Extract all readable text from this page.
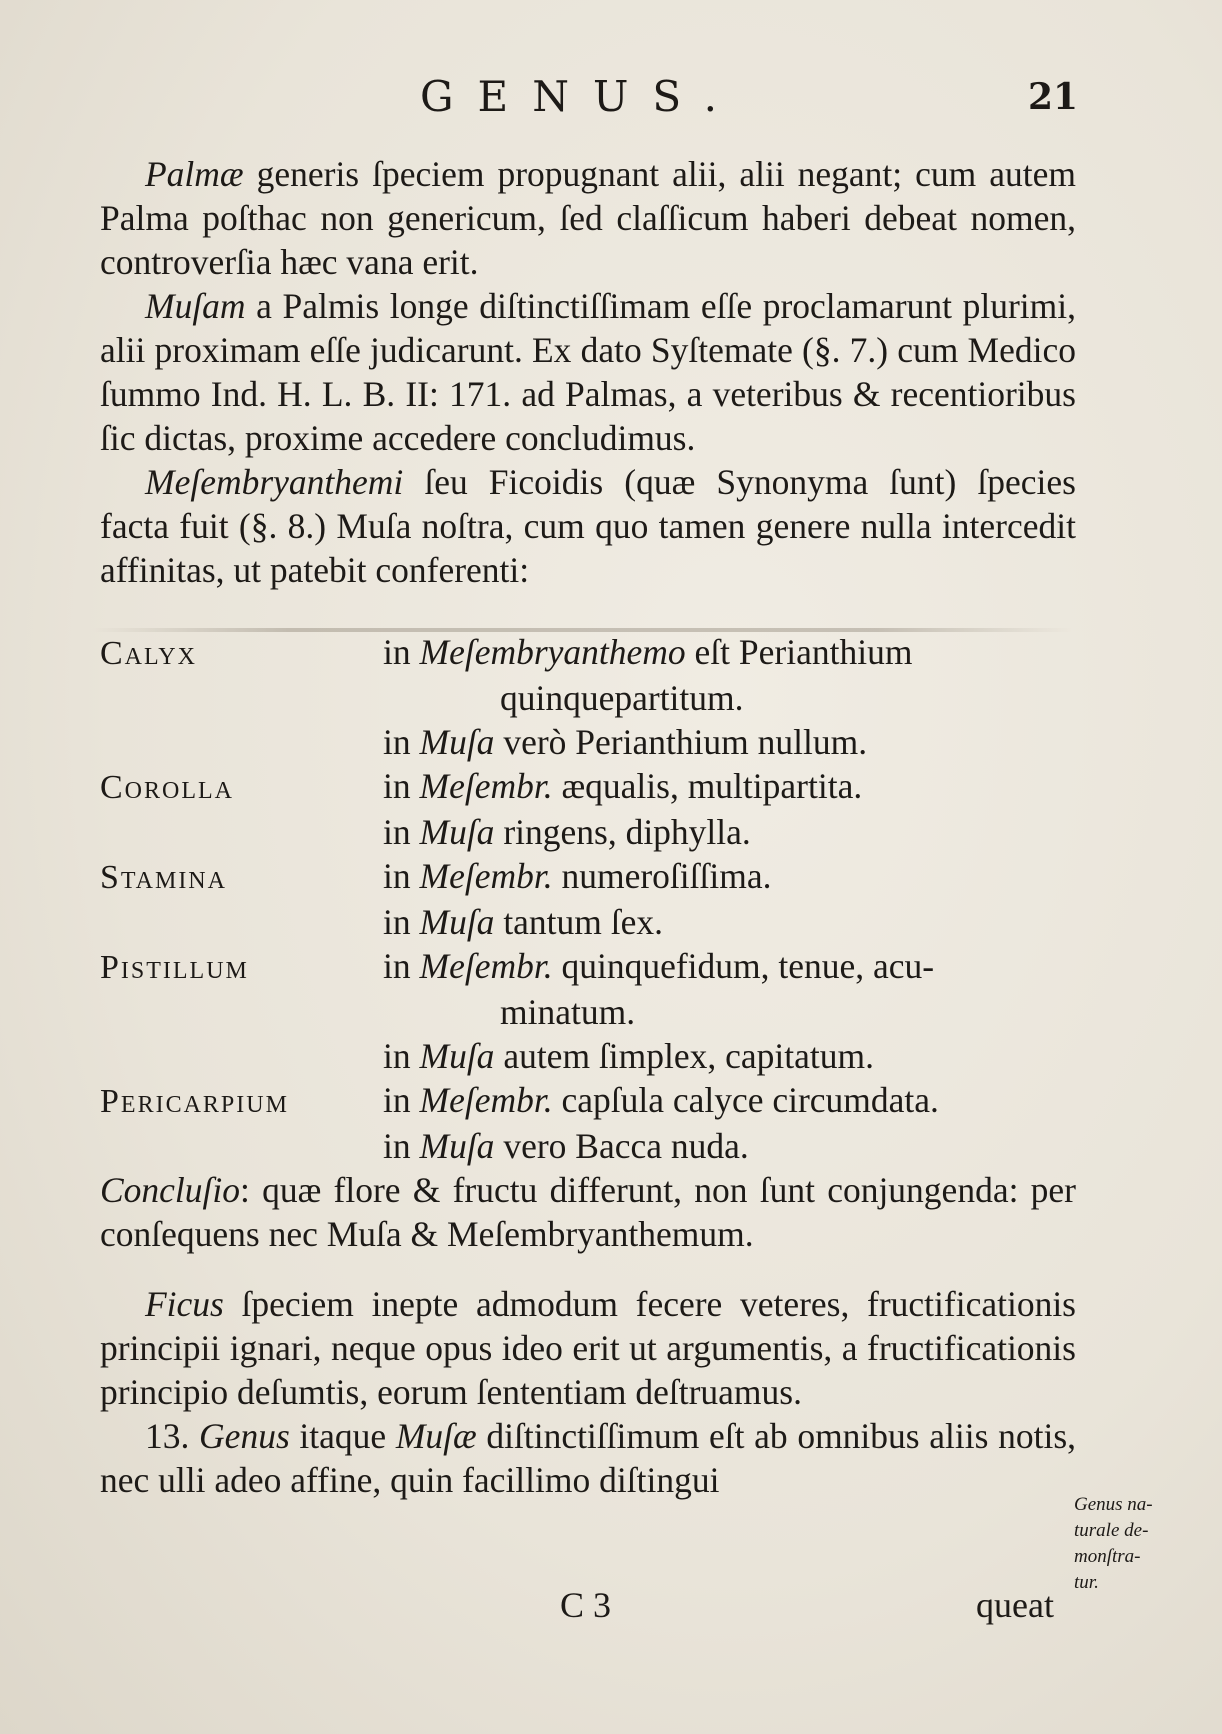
GENUS.	21

Palmæ generis ſpeciem propugnant alii, alii negant; cum autem Palma poſthac non genericum, ſed claſſicum haberi debeat nomen, controverſia hæc vana erit.

Muſam a Palmis longe diſtinctiſſimam eſſe proclamarunt plurimi, alii proximam eſſe judicarunt. Ex dato Syſtemate (§. 7.) cum Medico ſummo Ind. H. L. B. II: 171. ad Palmas, a veteribus & recentioribus ſic dictas, proxime accedere concludimus.

Meſembryanthemi ſeu Ficoidis (quæ Synonyma ſunt) ſpecies facta fuit (§. 8.) Muſa noſtra, cum quo tamen genere nulla intercedit affinitas, ut patebit conferenti:

Calyx	in Meſembryanthemo eſt Perianthium
quinquepartitum.
in Muſa verò Perianthium nullum.
Corolla	in Meſembr. æqualis, multipartita.
in Muſa ringens, diphylla.
Stamina	in Meſembr. numeroſiſſima.
in Muſa tantum ſex.
Pistillum	in Meſembr. quinquefidum, tenue, acu-
minatum.
in Muſa autem ſimplex, capitatum.
Pericarpium	in Meſembr. capſula calyce circumdata.
in Muſa vero Bacca nuda.

Concluſio: quæ flore & fructu differunt, non ſunt conjungenda: per conſequens nec Muſa & Meſembryanthemum.

Ficus ſpeciem inepte admodum fecere veteres, fructificationis principii ignari, neque opus ideo erit ut argumentis, a fructificationis principio deſumtis, eorum ſententiam deſtruamus.

13. Genus itaque Muſæ diſtinctiſſimum eſt ab omnibus aliis notis, nec ulli adeo affine, quin facillimo diſtingui

Genus na-
turale de-
monſtra-
tur.
C 3	queat
